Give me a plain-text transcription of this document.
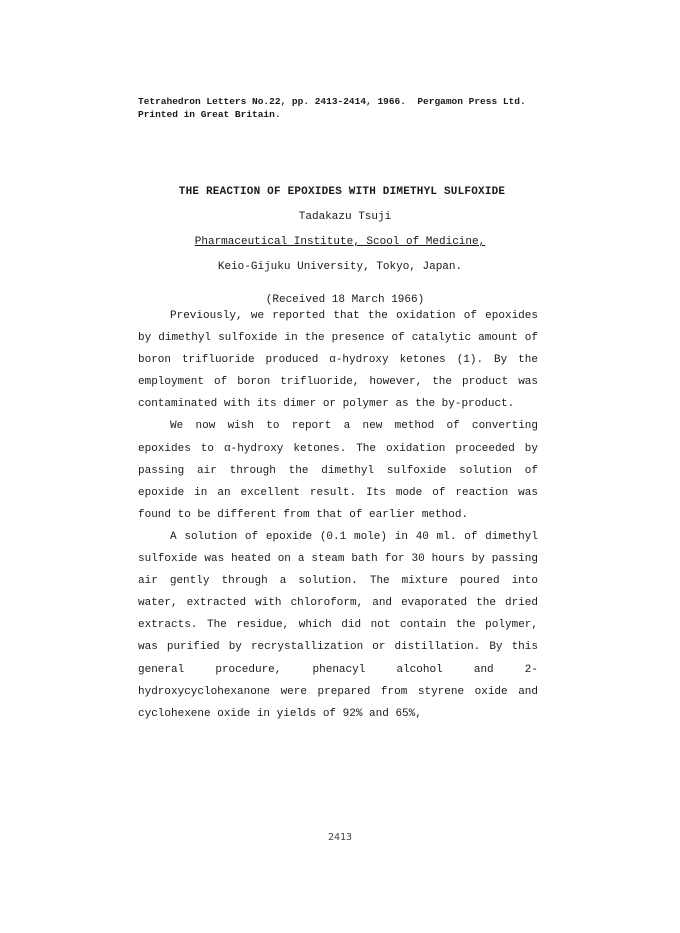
Tetrahedron Letters No.22, pp. 2413-2414, 1966.  Pergamon Press Ltd.
Printed in Great Britain.
THE REACTION OF EPOXIDES WITH DIMETHYL SULFOXIDE
Tadakazu Tsuji
Pharmaceutical Institute, Scool of Medicine,
Keio-Gijuku University, Tokyo, Japan.
(Received 18 March 1966)

Previously, we reported that the oxidation of epoxides by dimethyl sulfoxide in the presence of catalytic amount of boron trifluoride produced α-hydroxy ketones (1). By the employment of boron trifluoride, however, the product was contaminated with its dimer or polymer as the by-product.

We now wish to report a new method of converting epoxides to α-hydroxy ketones. The oxidation proceeded by passing air through the dimethyl sulfoxide solution of epoxide in an excellent result. Its mode of reaction was found to be different from that of earlier method.

A solution of epoxide (0.1 mole) in 40 ml. of dimethyl sulfoxide was heated on a steam bath for 30 hours by passing air gently through a solution. The mixture poured into water, extracted with chloroform, and evaporated the dried extracts. The residue, which did not contain the polymer, was purified by recrystallization or distillation. By this general procedure, phenacyl alcohol and 2-hydroxycyclohexanone were prepared from styrene oxide and cyclohexene oxide in yields of 92% and 65%,

2413
